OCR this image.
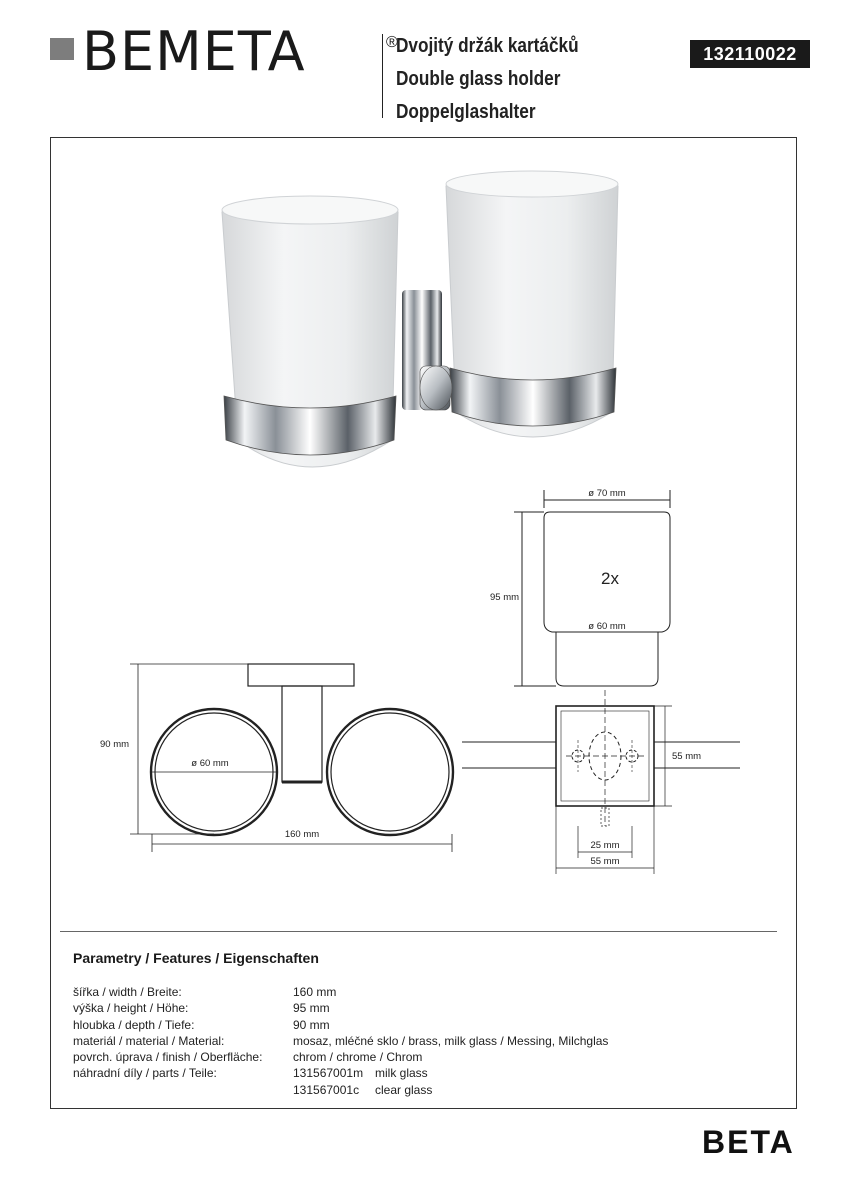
BEMETA	®
Dvojitý držák kartáčků
Double glass holder
Doppelglashalter
132110022
ø 70 mm
95 mm
2x
ø 60 mm
90 mm
ø 60 mm
160 mm
55 mm
25 mm
55 mm
Parametry / Features / Eigenschaften
šířka / width / Breite:	160 mm
výška / height / Höhe:	95 mm
hloubka / depth / Tiefe:	90 mm
materiál / material / Material:	mosaz, mléčné sklo / brass, milk glass / Messing, Milchglas
povrch. úprava / finish / Oberfläche:	chrom / chrome / Chrom
náhradní díly / parts / Teile:	131567001m milk glass
131567001c	clear glass
BETA
